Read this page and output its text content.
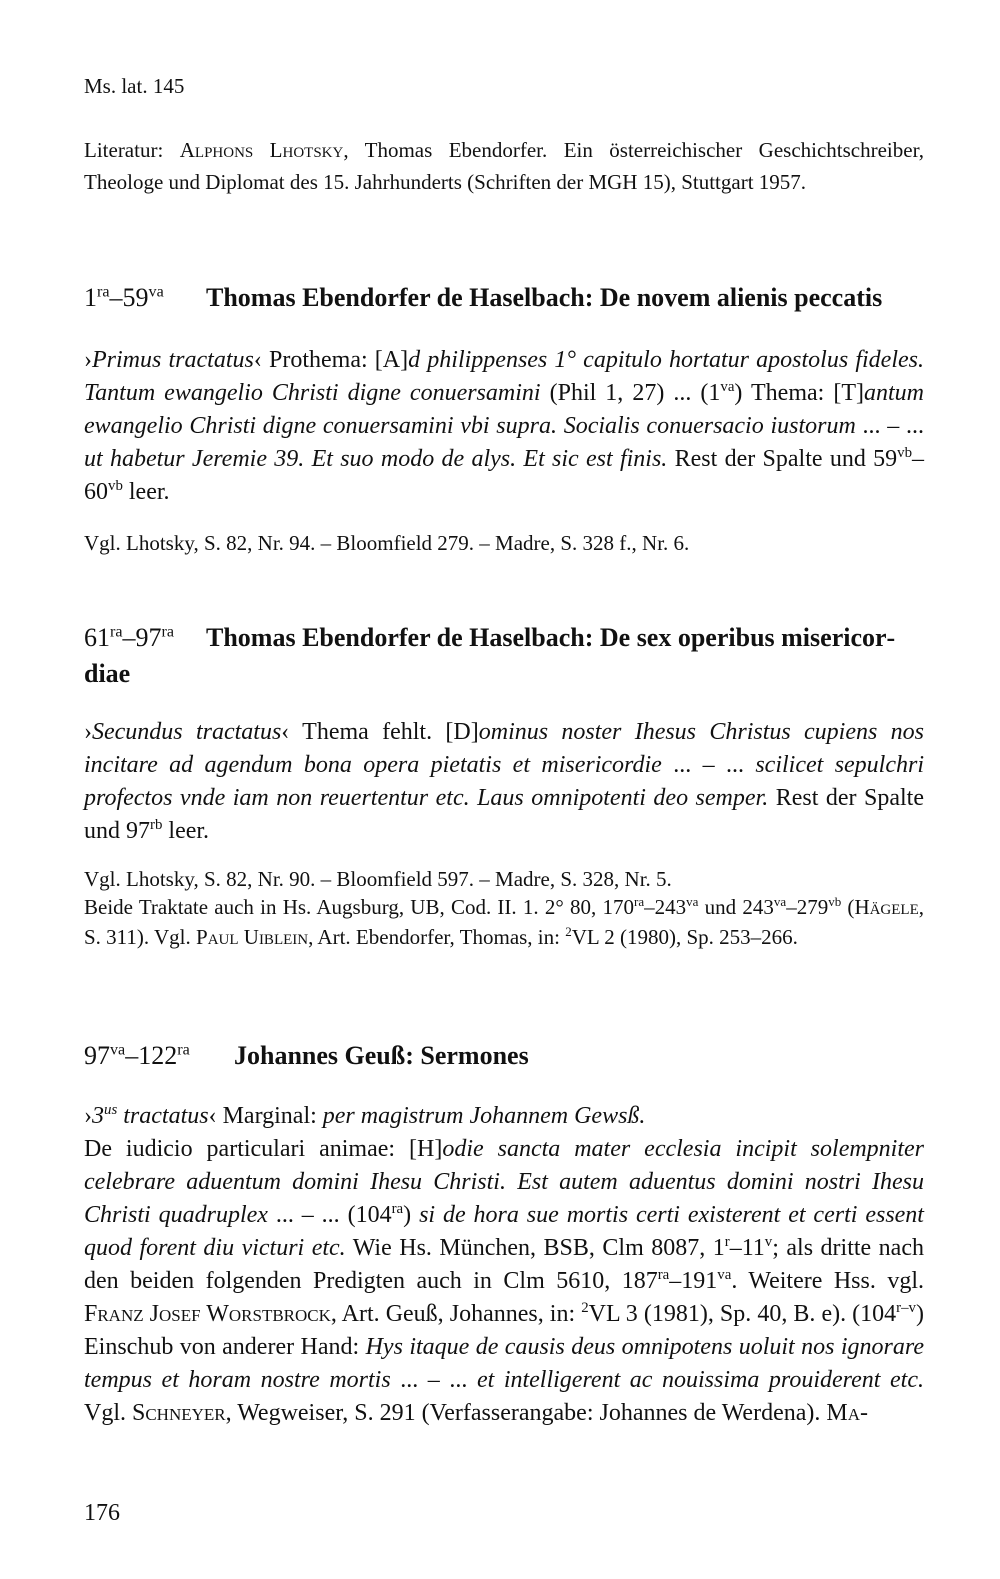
Ms. lat. 145
Literatur: Alphons Lhotsky, Thomas Ebendorfer. Ein österreichischer Geschichtschreiber, Theologe und Diplomat des 15. Jahrhunderts (Schriften der MGH 15), Stuttgart 1957.
$1^{ra}-59^{va}$ Thomas Ebendorfer de Haselbach: De novem alienis peccatis
›Primus tractatus‹ Prothema: [A]d philippenses 1° capitulo hortatur apostolus fideles. Tantum ewangelio Christi digne conuersamini (Phil 1, 27) ... $(1^{va})$ Thema: [T]antum ewangelio Christi digne conuersamini vbi supra. Socialis conuersacio iustorum ... – ... ut habetur Jeremie 39. Et suo modo de alys. Et sic est finis. Rest der Spalte und $59^{vb}-60^{vb}$ leer.
Vgl. Lhotsky, S. 82, Nr. 94. – Bloomfield 279. – Madre, S. 328 f., Nr. 6.
$61^{ra}-97^{ra}$ Thomas Ebendorfer de Haselbach: De sex operibus misericordiae
›Secundus tractatus‹ Thema fehlt. [D]ominus noster Ihesus Christus cupiens nos incitare ad agendum bona opera pietatis et misericordie ... – ... scilicet sepulchri profectos vnde iam non reuertentur etc. Laus omnipotenti deo semper. Rest der Spalte und $97^{rb}$ leer.
Vgl. Lhotsky, S. 82, Nr. 90. – Bloomfield 597. – Madre, S. 328, Nr. 5.
Beide Traktate auch in Hs. Augsburg, UB, Cod. II. 1. 2° 80, $170^{ra}-243^{va}$ und $243^{va}-279^{vb}$ (Hägele, S. 311). Vgl. Paul Uiblein, Art. Ebendorfer, Thomas, in: $^2$VL 2 (1980), Sp. 253–266.
$97^{va}-122^{ra}$ Johannes Geuß: Sermones
$›3^{us}$ tractatus‹ Marginal: per magistrum Johannem Gewsß.
De iudicio particulari animae: [H]odie sancta mater ecclesia incipit solempniter celebrare aduentum domini Ihesu Christi. Est autem aduentus domini nostri Ihesu Christi quadruplex ... – ... $(104^{ra})$ si de hora sue mortis certi existerent et certi essent quod forent diu victuri etc. Wie Hs. München, BSB, Clm 8087, 1$^r$–11$^v$; als dritte nach den beiden folgenden Predigten auch in Clm 5610, $187^{ra}-191^{va}$. Weitere Hss. vgl. Franz Josef Worstbrock, Art. Geuß, Johannes, in: $^2$VL 3 (1981), Sp. 40, B. e). (104$^{r-v}$) Einschub von anderer Hand: Hys itaque de causis deus omnipotens uoluit nos ignorare tempus et horam nostre mortis ... – ... et intelligerent ac nouissima prouiderent etc. Vgl. Schneyer, Wegweiser, S. 291 (Verfasserangabe: Johannes de Werdena). Ma-
176
